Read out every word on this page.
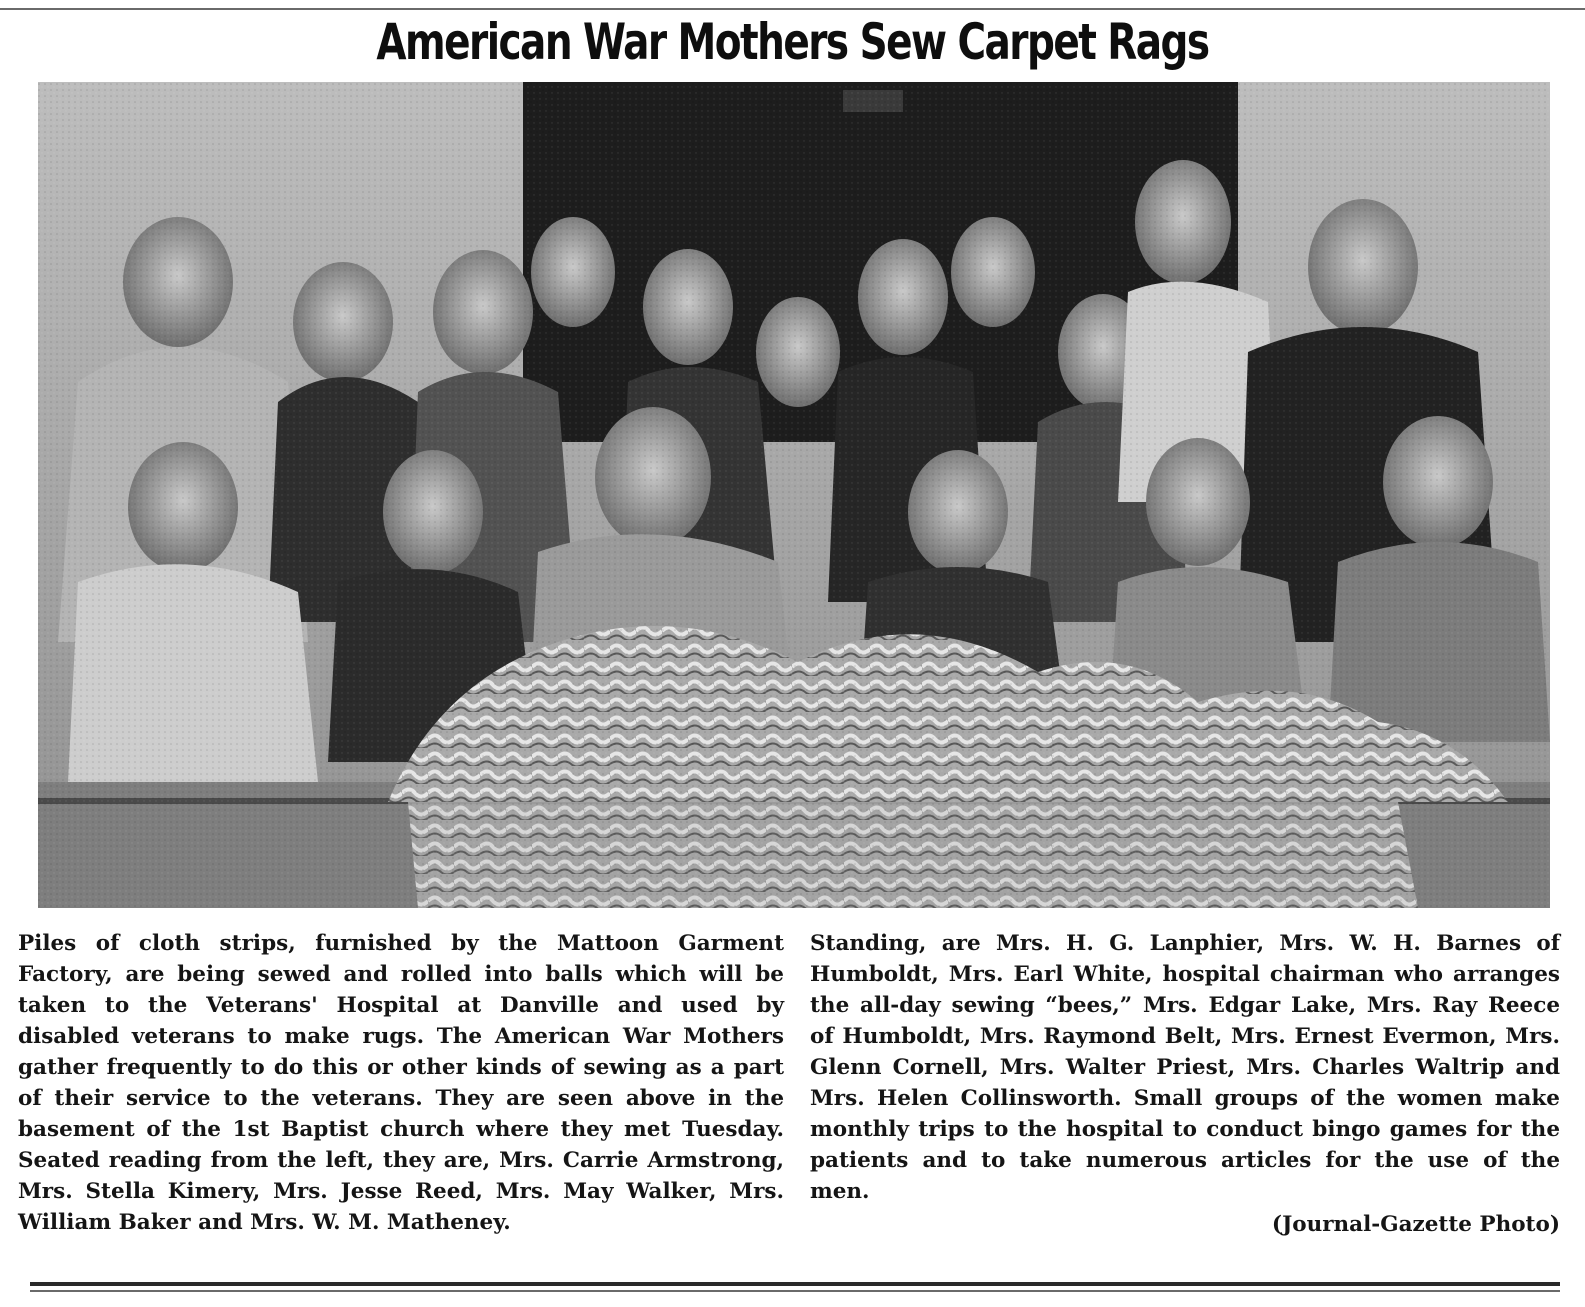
American War Mothers Sew Carpet Rags
Piles of cloth strips, furnished by the Mattoon Garment Factory, are being sewed and rolled into balls which will be taken to the Veterans' Hospital at Danville and used by disabled veterans to make rugs. The American War Mothers gather frequently to do this or other kinds of sewing as a part of their service to the veterans. They are seen above in the basement of the 1st Baptist church where they met Tuesday. Seated reading from the left, they are, Mrs. Carrie Armstrong, Mrs. Stella Kimery, Mrs. Jesse Reed, Mrs. May Walker, Mrs. William Baker and Mrs. W. M. Matheney.
Standing, are Mrs. H. G. Lanphier, Mrs. W. H. Barnes of Humboldt, Mrs. Earl White, hospital chairman who arranges the all-day sewing “bees,” Mrs. Edgar Lake, Mrs. Ray Reece of Humboldt, Mrs. Raymond Belt, Mrs. Ernest Evermon, Mrs. Glenn Cornell, Mrs. Walter Priest, Mrs. Charles Waltrip and Mrs. Helen Collinsworth. Small groups of the women make monthly trips to the hospital to conduct bingo games for the patients and to take numerous articles for the use of the men.
(Journal-Gazette Photo)
